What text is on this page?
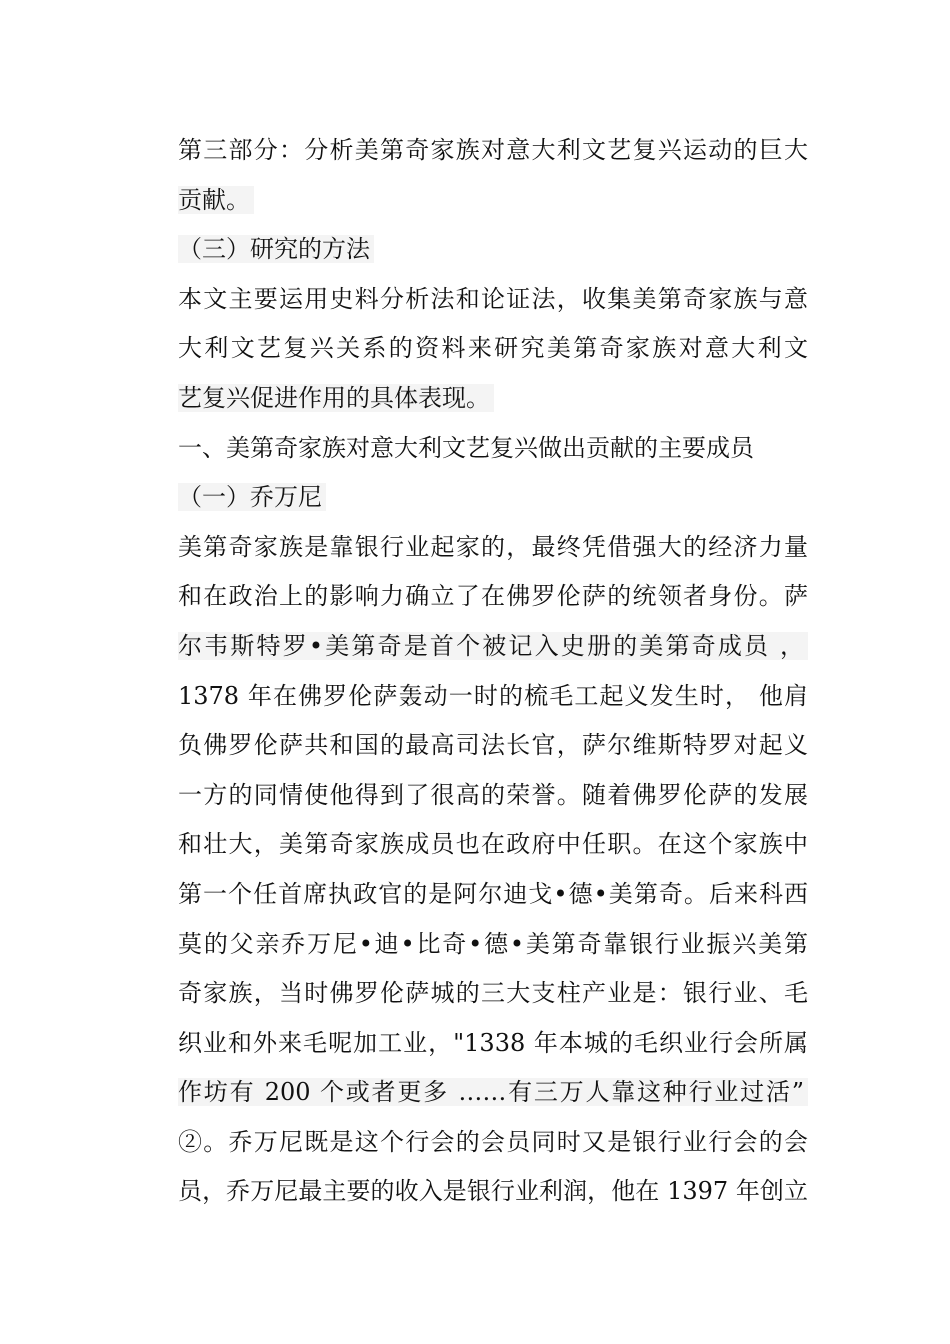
第三部分：分析美第奇家族对意大利文艺复兴运动的巨大
贡献。
（三）研究的方法
本文主要运用史料分析法和论证法，收集美第奇家族与意
大利文艺复兴关系的资料来研究美第奇家族对意大利文
艺复兴促进作用的具体表现。
一、美第奇家族对意大利文艺复兴做出贡献的主要成员
（一）乔万尼
美第奇家族是靠银行业起家的，最终凭借强大的经济力量
和在政治上的影响力确立了在佛罗伦萨的统领者身份。萨
尔韦斯特罗•美第奇是首个被记入史册的美第奇成员 ，
1378 年在佛罗伦萨轰动一时的梳毛工起义发生时， 他肩
负佛罗伦萨共和国的最高司法长官，萨尔维斯特罗对起义
一方的同情使他得到了很高的荣誉。随着佛罗伦萨的发展
和壮大，美第奇家族成员也在政府中任职。在这个家族中
第一个任首席执政官的是阿尔迪戈•德•美第奇。后来科西
莫的父亲乔万尼•迪•比奇•德•美第奇靠银行业振兴美第
奇家族，当时佛罗伦萨城的三大支柱产业是：银行业、毛
织业和外来毛呢加工业，"1338 年本城的毛织业行会所属
作坊有 200 个或者更多 ……有三万人靠这种行业过活”
②。乔万尼既是这个行会的会员同时又是银行业行会的会
员，乔万尼最主要的收入是银行业利润，他在 1397 年创立
